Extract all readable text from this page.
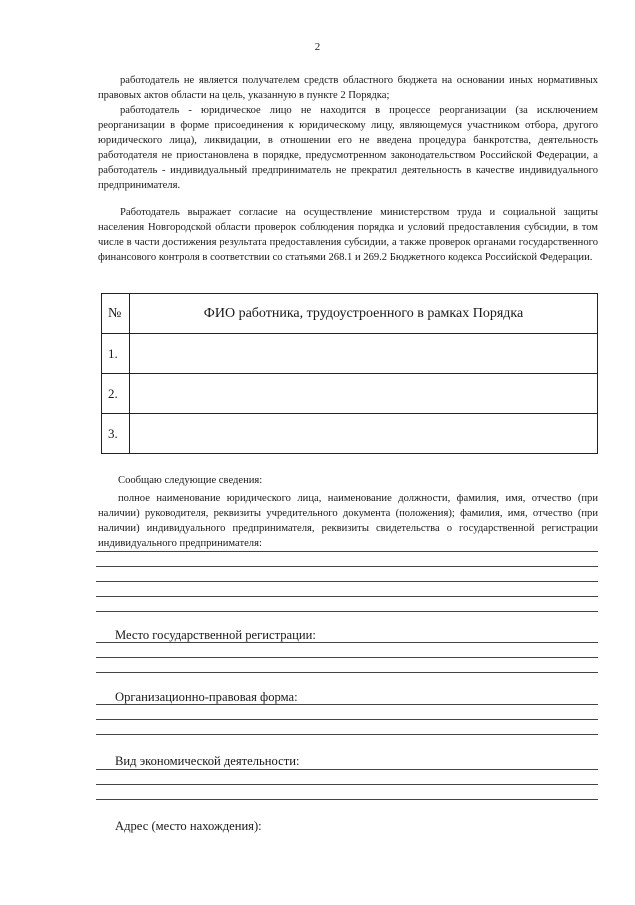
2

работодатель не является получателем средств областного бюджета на основании иных нормативных правовых актов области на цель, указанную в пункте 2 Порядка;

работодатель - юридическое лицо не находится в процессе реорганизации (за исключением реорганизации в форме присоединения к юридическому лицу, являющемуся участником отбора, другого юридического лица), ликвидации, в отношении его не введена процедура банкротства, деятельность работодателя не приостановлена в порядке, предусмотренном законодательством Российской Федерации, а работодатель - индивидуальный предприниматель не прекратил деятельность в качестве индивидуального предпринимателя.

Работодатель выражает согласие на осуществление министерством труда и социальной защиты населения Новгородской области проверок соблюдения порядка и условий предоставления субсидии, в том числе в части достижения результата предоставления субсидии, а также проверок органами государственного финансового контроля в соответствии со статьями 268.1 и 269.2 Бюджетного кодекса Российской Федерации.

№	ФИО работника, трудоустроенного в рамках Порядка
1.	
2.	
3.	

Сообщаю следующие сведения:

полное наименование юридического лица, наименование должности, фамилия, имя, отчество (при наличии) руководителя, реквизиты учредительного документа (положения); фамилия, имя, отчество (при наличии) индивидуального предпринимателя, реквизиты свидетельства о государственной регистрации индивидуального предпринимателя:

Место государственной регистрации:

Организационно-правовая форма:

Вид экономической деятельности:

Адрес (место нахождения):
